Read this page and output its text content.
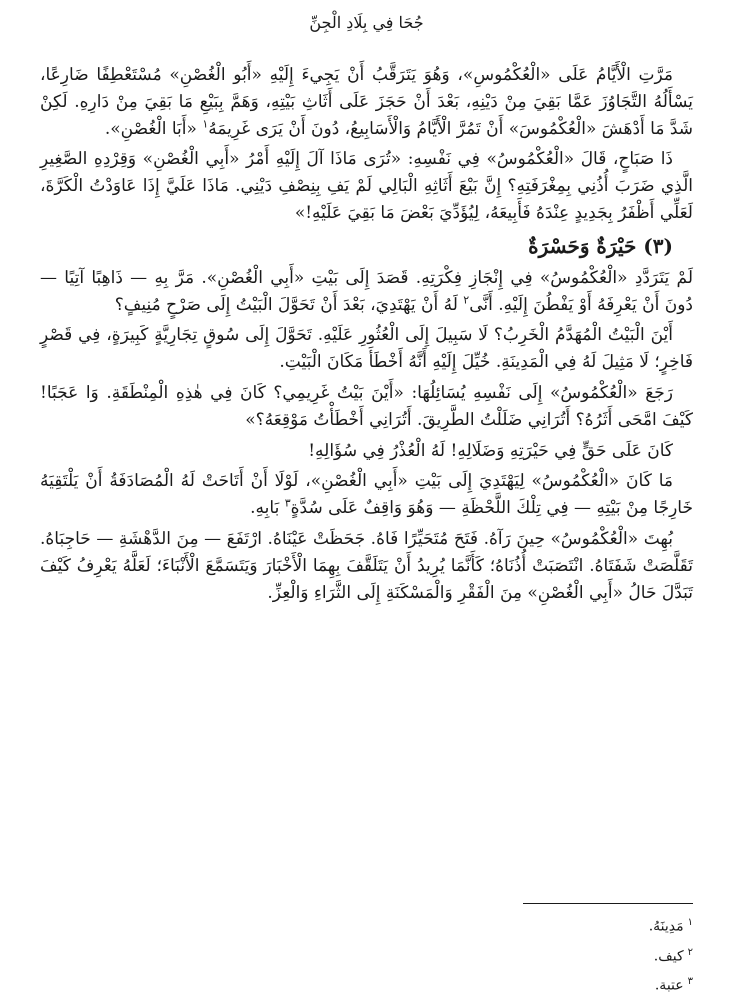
جُحَا فِي بِلَادِ الْجِنِّ

مَرَّتِ الْأَيَّامُ عَلَى «الْعُكْمُوسِ»، وَهُوَ يَتَرَقَّبُ أَنْ يَجِيءَ إِلَيْهِ «أَبُو الْغُصْنِ» مُسْتَعْطِفًا ضَارِعًا، يَسْأَلُهُ التَّجَاوُزَ عَمَّا بَقِيَ مِنْ دَيْنِهِ، بَعْدَ أَنْ حَجَزَ عَلَى أَثَاثِ بَيْتِهِ، وَهَمَّ بِبَيْعِ مَا بَقِيَ مِنْ دَارِهِ. لَكِنْ شَدَّ مَا أَدْهَشَ «الْعُكْمُوسَ» أَنْ تَمُرَّ الْأَيَّامُ وَالْأَسَابِيعُ، دُونَ أَنْ يَرَى غَرِيمَهُ$^١$ «أَبَا الْغُصْنِ».

ذَا صَبَاحٍ، قَالَ «الْعُكْمُوسُ» فِي نَفْسِهِ: «تُرَى مَاذَا آلَ إِلَيْهِ أَمْرُ «أَبِي الْغُصْنِ» وَقِرْدِهِ الصَّغِيرِ الَّذِي ضَرَبَ أُذُنِي بِمِغْرَفَتِهِ؟ إِنَّ بَيْعَ أَثَاثِهِ الْبَالِي لَمْ يَفِ بِنِصْفِ دَيْنِي. مَاذَا عَلَيَّ إِذَا عَاوَدْتُ الْكَرَّةَ، لَعَلِّي أَظْفَرُ بِجَدِيدٍ عِنْدَهُ فَأَبِيعَهُ، لِيُؤَدِّيَ بَعْضَ مَا بَقِيَ عَلَيْهِ!»

(٣) حَيْرَةٌ وَحَسْرَةٌ

لَمْ يَتَرَدَّدِ «الْعُكْمُوسُ» فِي إِنْجَازِ فِكْرَتِهِ. قَصَدَ إِلَى بَيْتِ «أَبِي الْغُصْنِ». مَرَّ بِهِ — ذَاهِبًا آتِيًا — دُونَ أَنْ يَعْرِفَهُ أَوْ يَفْطُنَ إِلَيْهِ. أَنَّى$^٢$ لَهُ أَنْ يَهْتَدِيَ، بَعْدَ أَنْ تَحَوَّلَ الْبَيْتُ إِلَى صَرْحٍ مُنِيفٍ؟

أَيْنَ الْبَيْتُ الْمُهَدَّمُ الْخَرِبُ؟ لَا سَبِيلَ إِلَى الْعُثُورِ عَلَيْهِ. تَحَوَّلَ إِلَى سُوقٍ تِجَارِيَّةٍ كَبِيرَةٍ، فِي قَصْرٍ فَاخِرٍ؛ لَا مَثِيلَ لَهُ فِي الْمَدِينَةِ. خُيِّلَ إِلَيْهِ أَنَّهُ أَخْطَأَ مَكَانَ الْبَيْتِ.

رَجَعَ «الْعُكْمُوسُ» إِلَى نَفْسِهِ يُسَائِلُهَا: «أَيْنَ بَيْتُ غَرِيمِي؟ كَانَ فِي هٰذِهِ الْمِنْطَقَةِ. وَا عَجَبًا! كَيْفَ امَّحَى أَثَرُهُ؟ أَتُرَانِي ضَلَلْتُ الطَّرِيقَ. أَتُرَانِي أَخْطَأْتُ مَوْقِعَهُ؟»

كَانَ عَلَى حَقٍّ فِي حَيْرَتِهِ وَضَلَالِهِ! لَهُ الْعُذْرُ فِي سُؤَالِهِ!

مَا كَانَ «الْعُكْمُوسُ» لِيَهْتَدِيَ إِلَى بَيْتِ «أَبِي الْغُصْنِ»، لَوْلَا أَنْ أَتَاحَتْ لَهُ الْمُصَادَفَةُ أَنْ يَلْتَقِيَهُ خَارِجًا مِنْ بَيْتِهِ — فِي تِلْكَ اللَّحْظَةِ — وَهُوَ وَاقِفٌ عَلَى سُدَّةٍ$^٣$ بَابِهِ.

بُهِتَ «الْعُكْمُوسُ» حِينَ رَآهُ. فَتَحَ مُتَحَيِّرًا فَاهُ. جَحَظَتْ عَيْنَاهُ. ارْتَفَعَ — مِنَ الدَّهْشَةِ — حَاجِبَاهُ. تَقَلَّصَتْ شَفَتَاهُ. انْتَصَبَتْ أُذُنَاهُ؛ كَأَنَّمَا يُرِيدُ أَنْ يَتَلَقَّفَ بِهِمَا الْأَخْبَارَ وَيَتَسَمَّعَ الْأَنْبَاءَ؛ لَعَلَّهُ يَعْرِفُ كَيْفَ تَبَدَّلَ حَالُ «أَبِي الْغُصْنِ» مِنَ الْفَقْرِ وَالْمَسْكَنَةِ إِلَى الثَّرَاءِ وَالْعِزِّ.

$^١$مَدِينَهُ.
$^٢$كيف.
$^٣$عتبة.
